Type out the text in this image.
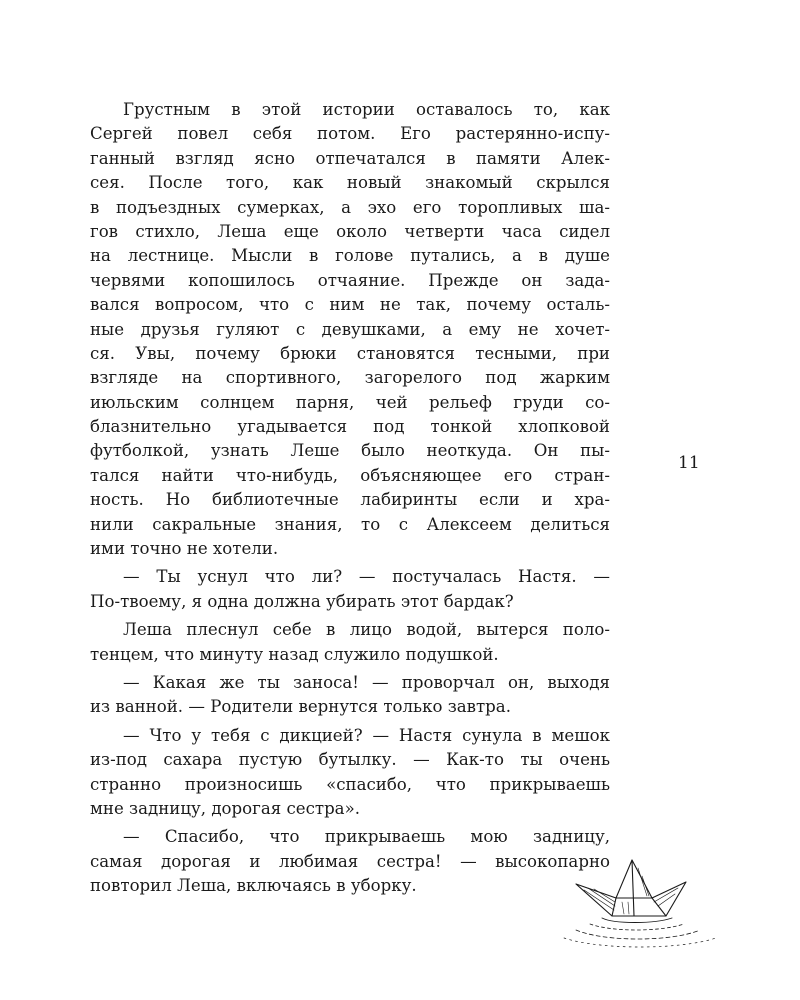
Грустным в этой истории оставалось то, как
Сергей повел себя потом. Его растерянно-испу-
ганный взгляд ясно отпечатался в памяти Алек-
сея. После того, как новый знакомый скрылся
в подъездных сумерках, а эхо его торопливых ша-
гов стихло, Леша еще около четверти часа сидел
на лестнице. Мысли в голове путались, а в душе
червями копошилось отчаяние. Прежде он зада-
вался вопросом, что с ним не так, почему осталь-
ные друзья гуляют с девушками, а ему не хочет-
ся. Увы, почему брюки становятся тесными, при
взгляде на спортивного, загорелого под жарким
июльским солнцем парня, чей рельеф груди со-
блазнительно угадывается под тонкой хлопковой
футболкой, узнать Леше было неоткуда. Он пы-
тался найти что-нибудь, объясняющее его стран-
ность. Но библиотечные лабиринты если и хра-
нили сакральные знания, то с Алексеем делиться
ими точно не хотели.
— Ты уснул что ли? — постучалась Настя. —
По-твоему, я одна должна убирать этот бардак?
Леша плеснул себе в лицо водой, вытерся поло-
тенцем, что минуту назад служило подушкой.
— Какая же ты заноса! — проворчал он, выходя
из ванной. — Родители вернутся только завтра.
— Что у тебя с дикцией? — Настя сунула в мешок
из-под сахара пустую бутылку. — Как-то ты очень
странно произносишь «спасибо, что прикрываешь
мне задницу, дорогая сестра».
— Спасибо, что прикрываешь мою задницу,
самая дорогая и любимая сестра! — высокопарно
повторил Леша, включаясь в уборку.
11
